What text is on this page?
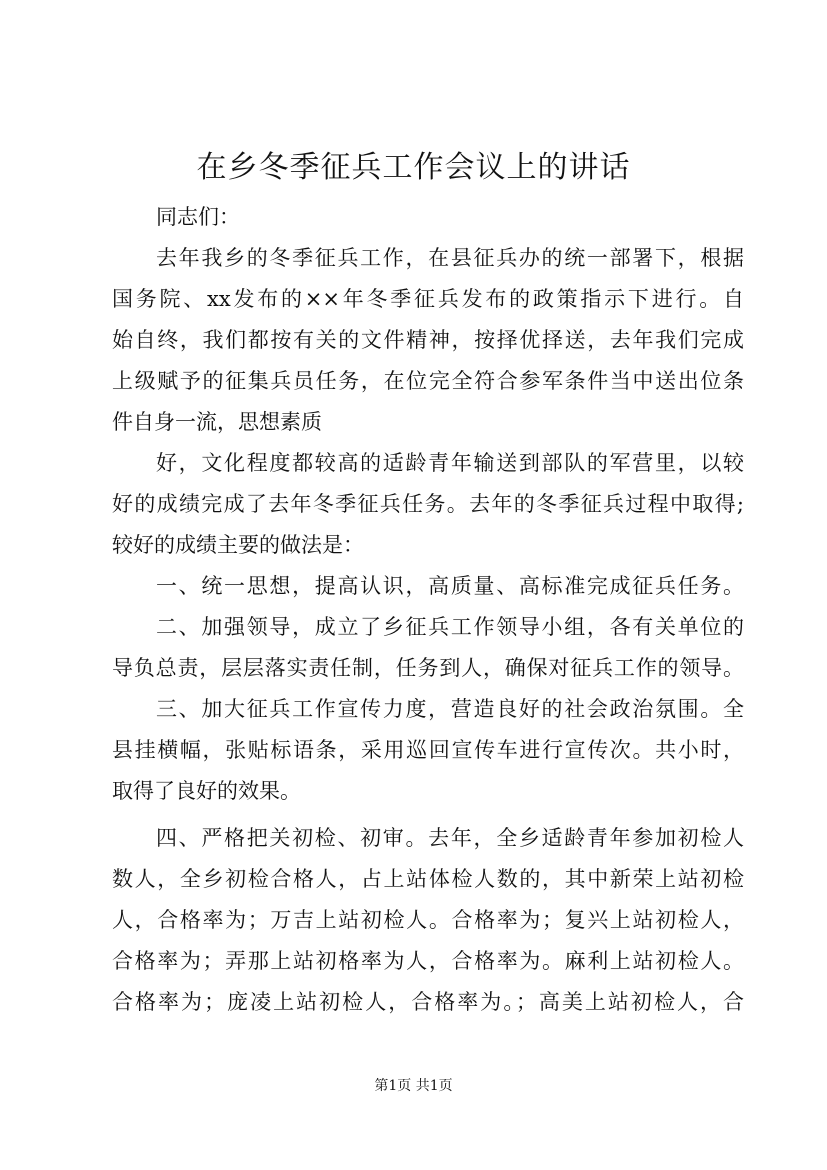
在乡冬季征兵工作会议上的讲话
同志们：
去年我乡的冬季征兵工作，在县征兵办的统一部署下，根据
国务院、xx发布的××年冬季征兵发布的政策指示下进行。自
始自终，我们都按有关的文件精神，按择优择送，去年我们完成
上级赋予的征集兵员任务，在位完全符合参军条件当中送出位条
件自身一流，思想素质
好，文化程度都较高的适龄青年输送到部队的军营里，以较
好的成绩完成了去年冬季征兵任务。去年的冬季征兵过程中取得;
较好的成绩主要的做法是：
一、统一思想，提高认识，高质量、高标准完成征兵任务。
二、加强领导，成立了乡征兵工作领导小组，各有关单位的
导负总责，层层落实责任制，任务到人，确保对征兵工作的领导。
三、加大征兵工作宣传力度，营造良好的社会政治氛围。全
县挂横幅，张贴标语条，采用巡回宣传车进行宣传次。共小时，
取得了良好的效果。
四、严格把关初检、初审。去年，全乡适龄青年参加初检人
数人，全乡初检合格人，占上站体检人数的，其中新荣上站初检
人，合格率为；万吉上站初检人。合格率为；复兴上站初检人，
合格率为；弄那上站初格率为人，合格率为。麻利上站初检人。
合格率为；庞凌上站初检人，合格率为。；高美上站初检人，合
第1页 共1页
